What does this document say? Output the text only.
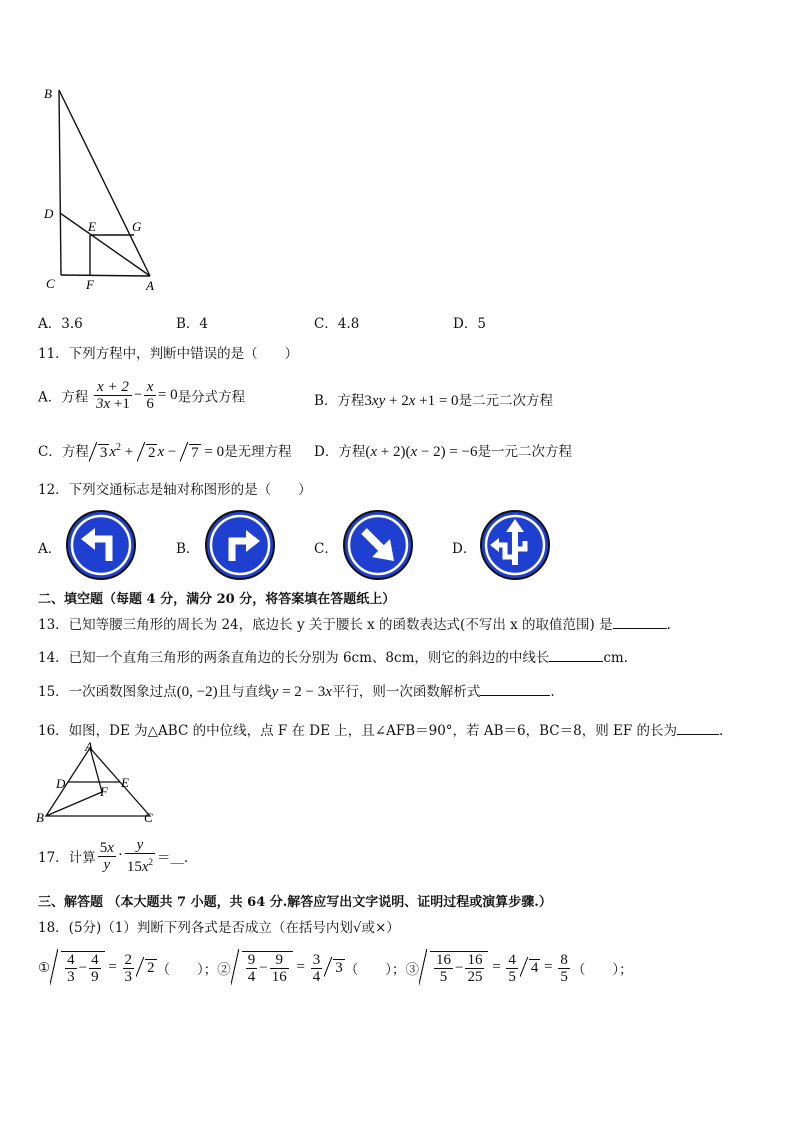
B
D
E	G
C F	A
A．3.6	B．4	C．4.8	D．5
11．下列方程中，判断中错误的是（　　）
A．方程 $\frac{x + 2}{3x +1} - \frac{x}{6} = 0$是分式方程	B．方程3xy + 2x +1 = 0是二元二次方程
C．方程 3 $x^2 + 2$ x − 7 = 0是无理方程 D．方程(x + 2)(x − 2) = −6是一元二次方程
12．下列交通标志是轴对称图形的是（　　）
A．	B．	C．	D．
二、填空题（每题 4 分，满分 20 分，将答案填在答题纸上）
13．已知等腰三角形的周长为 24，底边长 y 关于腰长 x 的函数表达式(不写出 x 的取值范围) 是	.
14．已知一个直角三角形的两条直角边的长分别为 6cm、8cm，则它的斜边的中线长	cm.
15．一次函数图象过点(0, −2)且与直线y = 2 − 3x平行，则一次函数解析式	.
16．如图，DE 为△ABC 的中位线，点 F 在 DE 上，且∠AFB＝90°，若 AB＝6，BC＝8，则 EF 的长为	.
A
D	E
F
B	C
17．计算 $\frac{5x}{y} \cdot \frac{y}{15x^2}$ ＝＿．
三、解答题 （本大题共 7 小题，共 64 分.解答应写出文字说明、证明过程或演算步骤.）
18．(5分)（1）判断下列各式是否成立（在括号内划√或×）
① $\frac{4}{3} - \frac{4}{9} = \frac{2}{3} 2$ （　　）；② $\frac{9}{4} - \frac{9}{16} = \frac{3}{4} 3$ （　　）；③ $\frac{16}{5} - \frac{16}{25} = \frac{4}{5} 4 = \frac{8}{5}$ （　　）；
